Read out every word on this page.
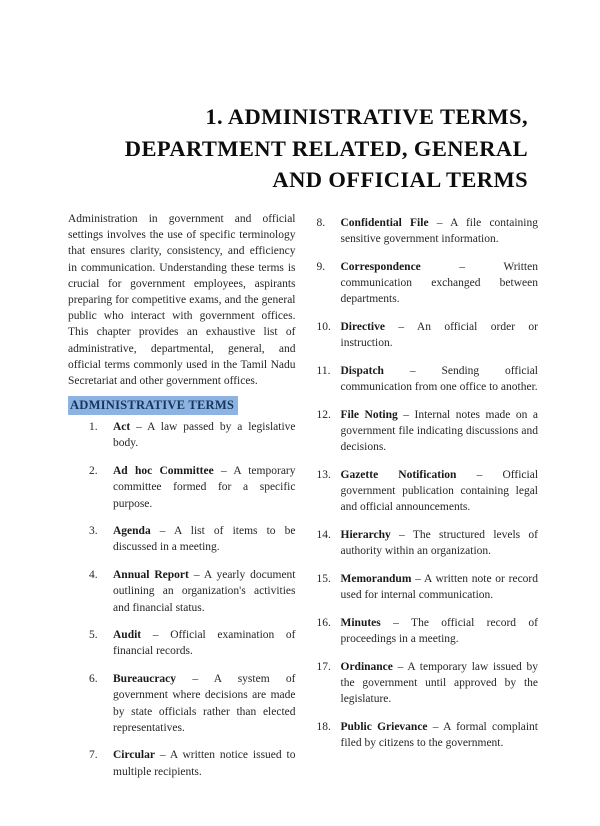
1. ADMINISTRATIVE TERMS,
DEPARTMENT RELATED, GENERAL
AND OFFICIAL TERMS

Administration in government and official settings involves the use of specific terminology that ensures clarity, consistency, and efficiency in communication. Understanding these terms is crucial for government employees, aspirants preparing for competitive exams, and the general public who interact with government offices. This chapter provides an exhaustive list of administrative, departmental, general, and official terms commonly used in the Tamil Nadu Secretariat and other government offices.

ADMINISTRATIVE TERMS
1.	Act – A law passed by a legislative body.
2.	Ad hoc Committee – A temporary committee formed for a specific purpose.
3.	Agenda – A list of items to be discussed in a meeting.
4.	Annual Report – A yearly document outlining an organization's activities and financial status.
5.	Audit – Official examination of financial records.
6.	Bureaucracy – A system of government where decisions are made by state officials rather than elected representatives.
7.	Circular – A written notice issued to multiple recipients.
8.	Confidential File – A file containing sensitive government information.
9.	Correspondence	– Written communication exchanged between departments.
10. Directive – An official order or instruction.
11. Dispatch – Sending official communication from one office to another.
12. File Noting – Internal notes made on a government file indicating discussions and decisions.
13. Gazette Notification – Official government publication containing legal and official announcements.
14. Hierarchy – The structured levels of authority within an organization.
15. Memorandum – A written note or record used for internal communication.
16. Minutes – The official record of proceedings in a meeting.
17. Ordinance – A temporary law issued by the government until approved by the legislature.
18. Public Grievance – A formal complaint filed by citizens to the government.
